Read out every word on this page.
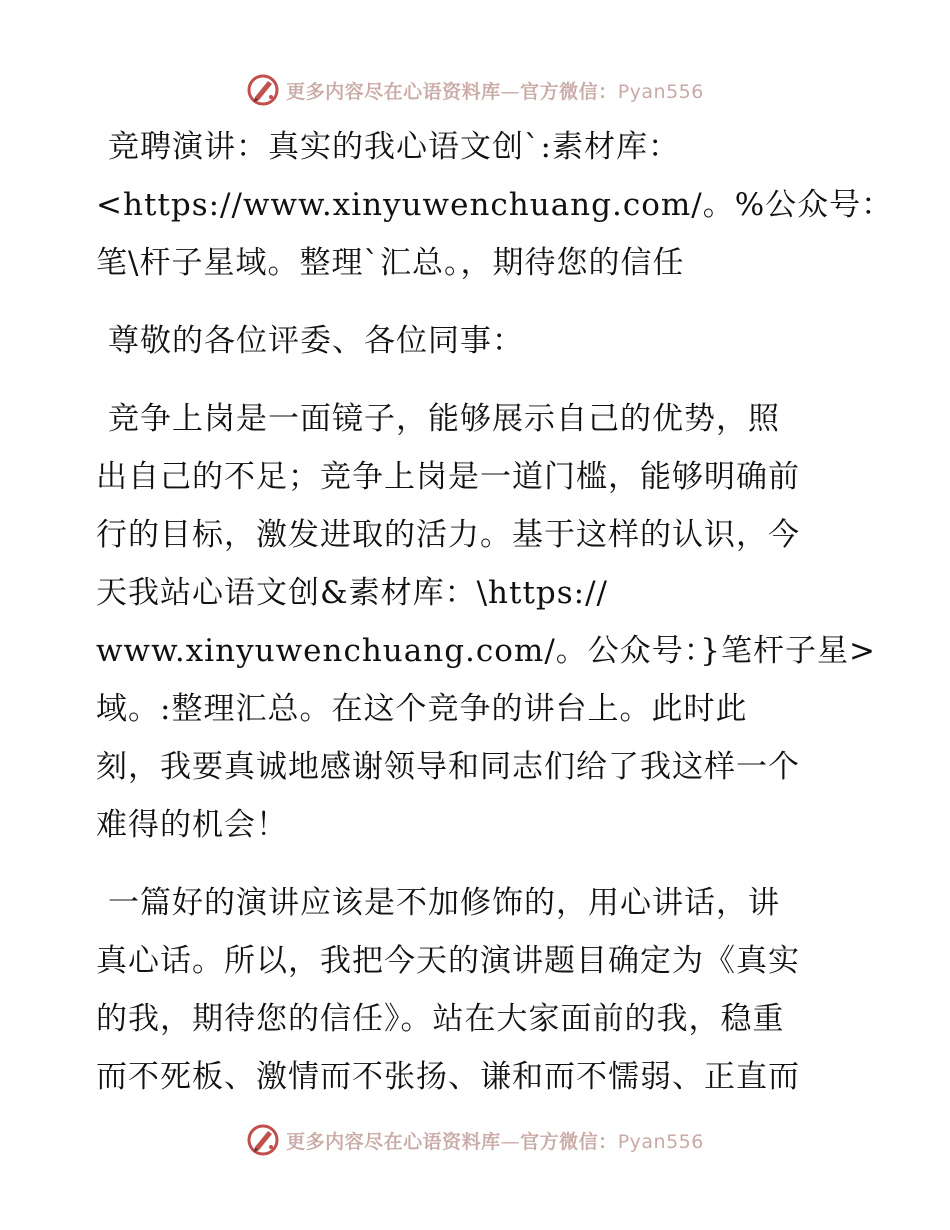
更多内容尽在心语资料库—官方微信：Pyan556

竞聘演讲：真实的我心语文创`:素材库：
<https://www.xinyuwenchuang.com/。%公众号：
笔\杆子星域。整理`汇总。，期待您的信任

尊敬的各位评委、各位同事：

竞争上岗是一面镜子，能够展示自己的优势，照
出自己的不足；竞争上岗是一道门槛，能够明确前
行的目标，激发进取的活力。基于这样的认识，今
天我站心语文创&素材库：\https://
www.xinyuwenchuang.com/。公众号：}笔杆子星>
域。:整理汇总。在这个竞争的讲台上。此时此
刻，我要真诚地感谢领导和同志们给了我这样一个
难得的机会！

一篇好的演讲应该是不加修饰的，用心讲话，讲
真心话。所以，我把今天的演讲题目确定为《真实
的我，期待您的信任》。站在大家面前的我，稳重
而不死板、激情而不张扬、谦和而不懦弱、正直而

更多内容尽在心语资料库—官方微信：Pyan556
